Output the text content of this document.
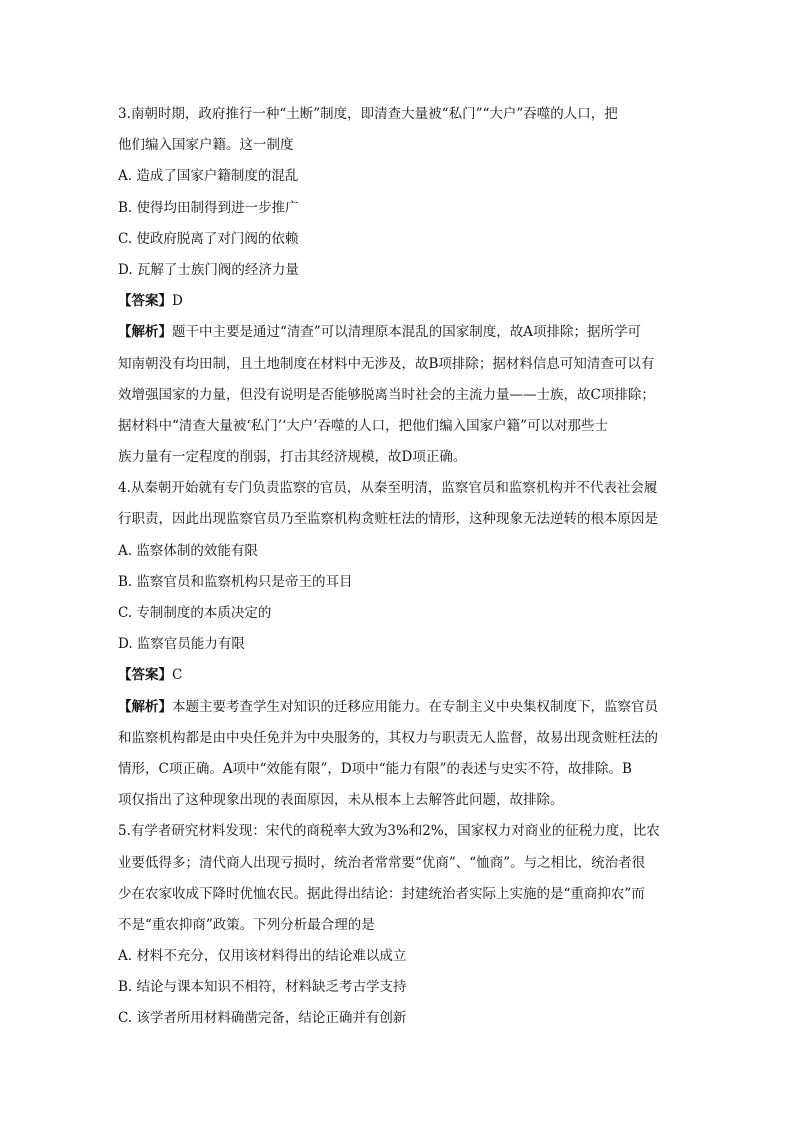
3.南朝时期，政府推行一种“土断”制度，即清查大量被“私门”“大户”吞噬的人口，把
他们编入国家户籍。这一制度
A. 造成了国家户籍制度的混乱
B. 使得均田制得到进一步推广
C. 使政府脱离了对门阀的依赖
D. 瓦解了士族门阀的经济力量
【答案】D
【解析】题干中主要是通过“清查”可以清理原本混乱的国家制度，故A项排除；据所学可
知南朝没有均田制，且土地制度在材料中无涉及，故B项排除；据材料信息可知清查可以有
效增强国家的力量，但没有说明是否能够脱离当时社会的主流力量——士族，故C项排除；
据材料中“清查大量被‘私门’‘大户’吞噬的人口，把他们编入国家户籍”可以对那些士
族力量有一定程度的削弱，打击其经济规模，故D项正确。
4.从秦朝开始就有专门负责监察的官员，从秦至明清，监察官员和监察机构并不代表社会履
行职责，因此出现监察官员乃至监察机构贪赃枉法的情形，这种现象无法逆转的根本原因是
A. 监察体制的效能有限
B. 监察官员和监察机构只是帝王的耳目
C. 专制制度的本质决定的
D. 监察官员能力有限
【答案】C
【解析】本题主要考查学生对知识的迁移应用能力。在专制主义中央集权制度下，监察官员
和监察机构都是由中央任免并为中央服务的，其权力与职责无人监督，故易出现贪赃枉法的
情形，C项正确。A项中“效能有限”，D项中“能力有限”的表述与史实不符，故排除。B
项仅指出了这种现象出现的表面原因，未从根本上去解答此问题，故排除。
5.有学者研究材料发现：宋代的商税率大致为3%和2%，国家权力对商业的征税力度，比农
业要低得多；清代商人出现亏损时，统治者常常要“优商”、“恤商”。与之相比，统治者很
少在农家收成下降时优恤农民。据此得出结论：封建统治者实际上实施的是“重商抑农”而
不是“重农抑商”政策。下列分析最合理的是
A. 材料不充分，仅用该材料得出的结论难以成立
B. 结论与课本知识不相符，材料缺乏考古学支持
C. 该学者所用材料确凿完备，结论正确并有创新
